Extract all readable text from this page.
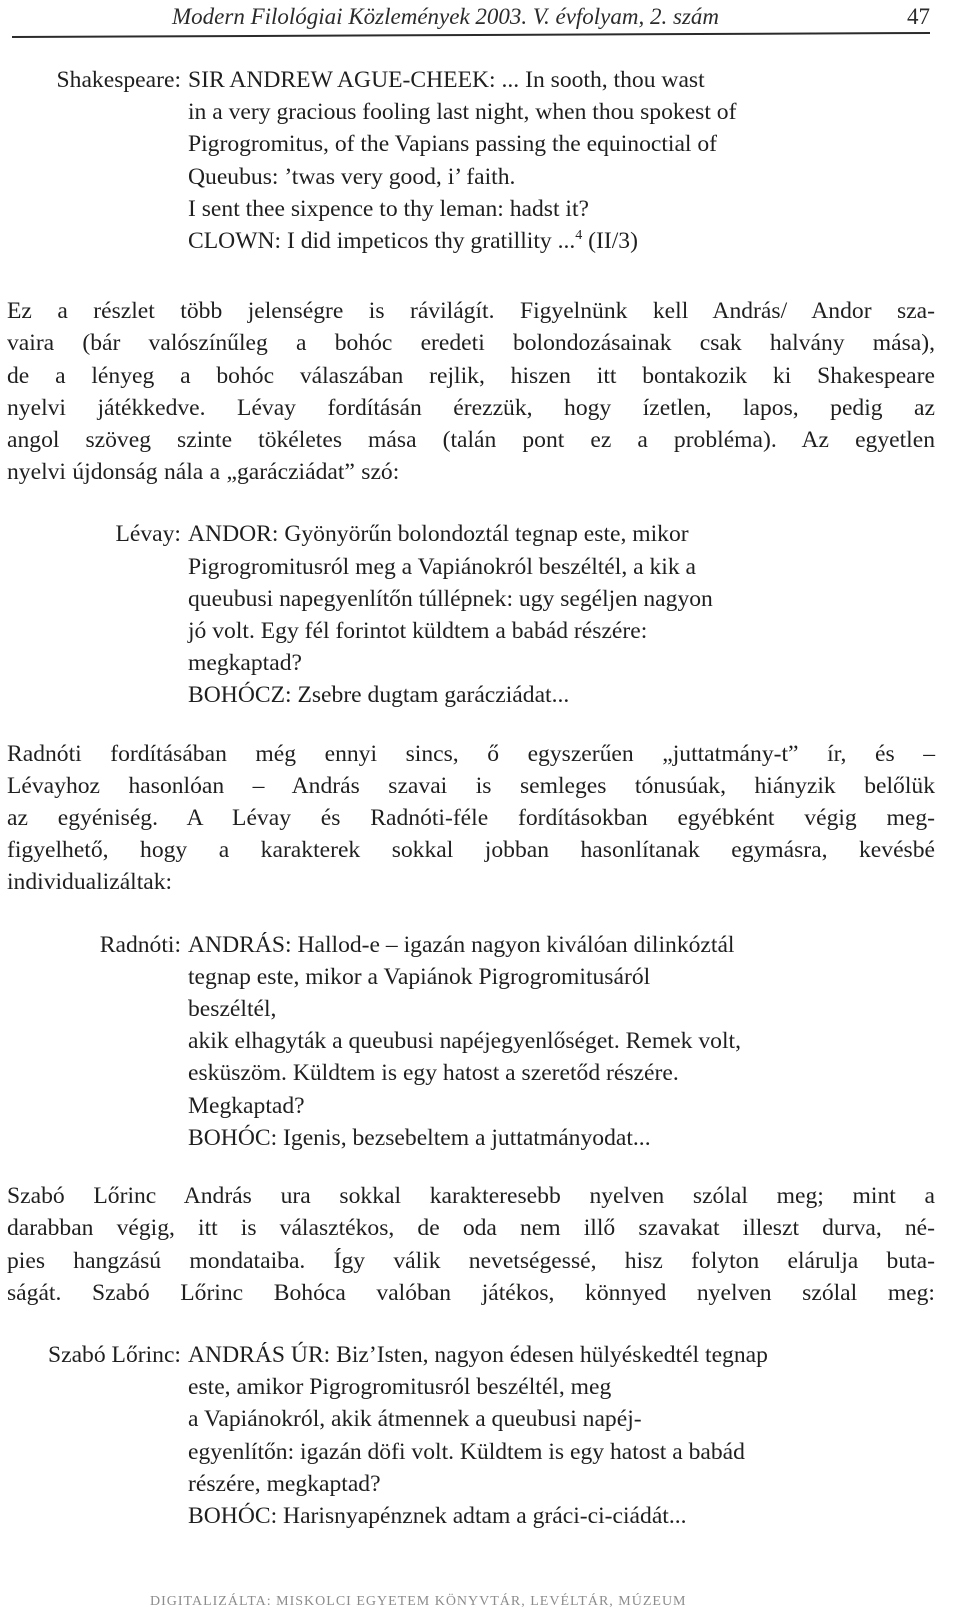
Modern Filológiai Közlemények 2003. V. évfolyam, 2. szám	47
Shakespeare: SIR ANDREW AGUE-CHEEK: ... In sooth, thou wast
in a very gracious fooling last night, when thou spokest of
Pigrogromitus, of the Vapians passing the equinoctial of
Queubus: ’twas very good, i’ faith.
I sent thee sixpence to thy leman: hadst it?
CLOWN: I did impeticos thy gratillity ...$^4$ (II/3)
Ez a részlet több jelenségre is rávilágít. Figyelnünk kell András/ Andor sza-
vaira (bár valószínűleg a bohóc eredeti bolondozásainak csak halvány mása),
de a lényeg a bohóc válaszában rejlik, hiszen itt bontakozik ki Shakespeare
nyelvi játékkedve. Lévay fordításán érezzük, hogy ízetlen, lapos, pedig az
angol szöveg szinte tökéletes mása (talán pont ez a probléma). Az egyetlen
nyelvi újdonság nála a „garácziádat” szó:
Lévay: ANDOR: Gyönyörűn bolondoztál tegnap este, mikor
Pigrogromitusról meg a Vapiánokról beszéltél, a kik a
queubusi napegyenlítőn túllépnek: ugy segéljen nagyon
jó volt. Egy fél forintot küldtem a babád részére:
megkaptad?
BOHÓCZ: Zsebre dugtam garácziádat...
Radnóti fordításában még ennyi sincs, ő egyszerűen „juttatmány-t” ír, és –
Lévayhoz hasonlóan – András szavai is semleges tónusúak, hiányzik belőlük
az egyéniség. A Lévay és Radnóti-féle fordításokban egyébként végig meg-
figyelhető, hogy a karakterek sokkal jobban hasonlítanak egymásra, kevésbé
individualizáltak:
Radnóti: ANDRÁS: Hallod-e – igazán nagyon kiválóan dilinkóztál
tegnap este, mikor a Vapiánok Pigrogromitusáról
beszéltél,
akik elhagyták a queubusi napéjegyenlőséget. Remek volt,
esküszöm. Küldtem is egy hatost a szeretőd részére.
Megkaptad?
BOHÓC: Igenis, bezsebeltem a juttatmányodat...
Szabó Lőrinc András ura sokkal karakteresebb nyelven szólal meg; mint a
darabban végig, itt is választékos, de oda nem illő szavakat illeszt durva, né-
pies hangzású mondataiba. Így válik nevetségessé, hisz folyton elárulja buta-
ságát. Szabó Lőrinc Bohóca valóban játékos, könnyed nyelven szólal meg:
Szabó Lőrinc: ANDRÁS ÚR: Biz’Isten, nagyon édesen hülyéskedtél tegnap
este, amikor Pigrogromitusról beszéltél, meg
a Vapiánokról, akik átmennek a queubusi napéj-
egyenlítőn: igazán döfi volt. Küldtem is egy hatost a babád
részére, megkaptad?
BOHÓC: Harisnyapénznek adtam a gráci-ci-ciádát...
DIGITALIZÁLTA: MISKOLCI EGYETEM KÖNYVTÁR, LEVÉLTÁR, MÚZEUM
